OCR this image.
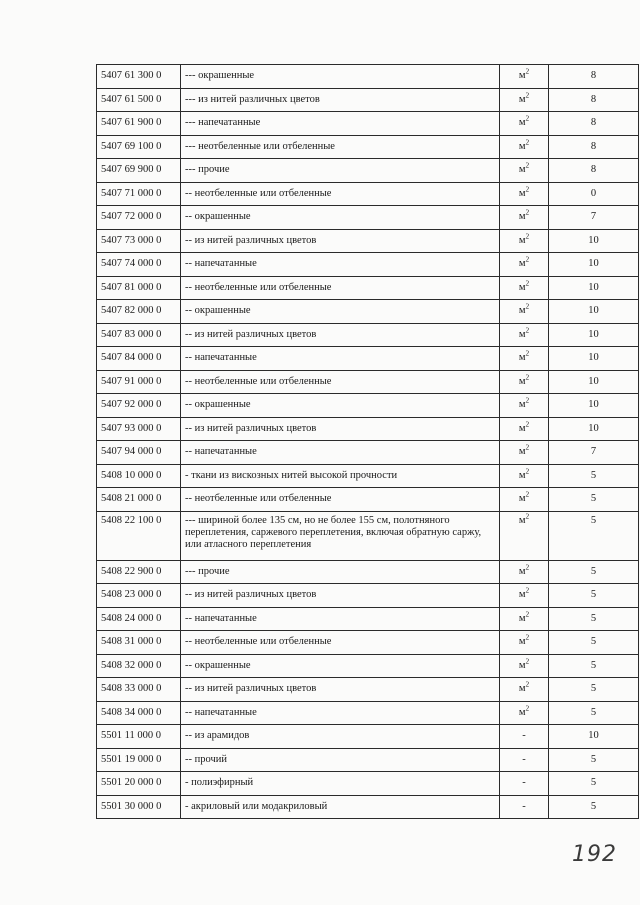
5407 61 300 0	--- окрашенные	$м^2$	8
5407 61 500 0	--- из нитей различных цветов	$м^2$	8
5407 61 900 0	--- напечатанные	$м^2$	8
5407 69 100 0	--- неотбеленные или отбеленные	$м^2$	8
5407 69 900 0	--- прочие	$м^2$	8
5407 71 000 0	-- неотбеленные или отбеленные	$м^2$	0
5407 72 000 0	-- окрашенные	$м^2$	7
5407 73 000 0	-- из нитей различных цветов	$м^2$	10
5407 74 000 0	-- напечатанные	$м^2$	10
5407 81 000 0	-- неотбеленные или отбеленные	$м^2$	10
5407 82 000 0	-- окрашенные	$м^2$	10
5407 83 000 0	-- из нитей различных цветов	$м^2$	10
5407 84 000 0	-- напечатанные	$м^2$	10
5407 91 000 0	-- неотбеленные или отбеленные	$м^2$	10
5407 92 000 0	-- окрашенные	$м^2$	10
5407 93 000 0	-- из нитей различных цветов	$м^2$	10
5407 94 000 0	-- напечатанные	$м^2$	7
5408 10 000 0	- ткани из вискозных нитей высокой прочности	$м^2$	5
5408 21 000 0	-- неотбеленные или отбеленные	$м^2$	5
5408 22 100 0	--- шириной более 135 см, но не более 155 см, полотняного переплетения, саржевого переплетения, включая обратную саржу, или атласного переплетения	$м^2$	5
5408 22 900 0	--- прочие	$м^2$	5
5408 23 000 0	-- из нитей различных цветов	$м^2$	5
5408 24 000 0	-- напечатанные	$м^2$	5
5408 31 000 0	-- неотбеленные или отбеленные	$м^2$	5
5408 32 000 0	-- окрашенные	$м^2$	5
5408 33 000 0	-- из нитей различных цветов	$м^2$	5
5408 34 000 0	-- напечатанные	$м^2$	5
5501 11 000 0	-- из арамидов	-	10
5501 19 000 0	-- прочий	-	5
5501 20 000 0	- полиэфирный	-	5
5501 30 000 0	- акриловый или модакриловый	-	5
192
